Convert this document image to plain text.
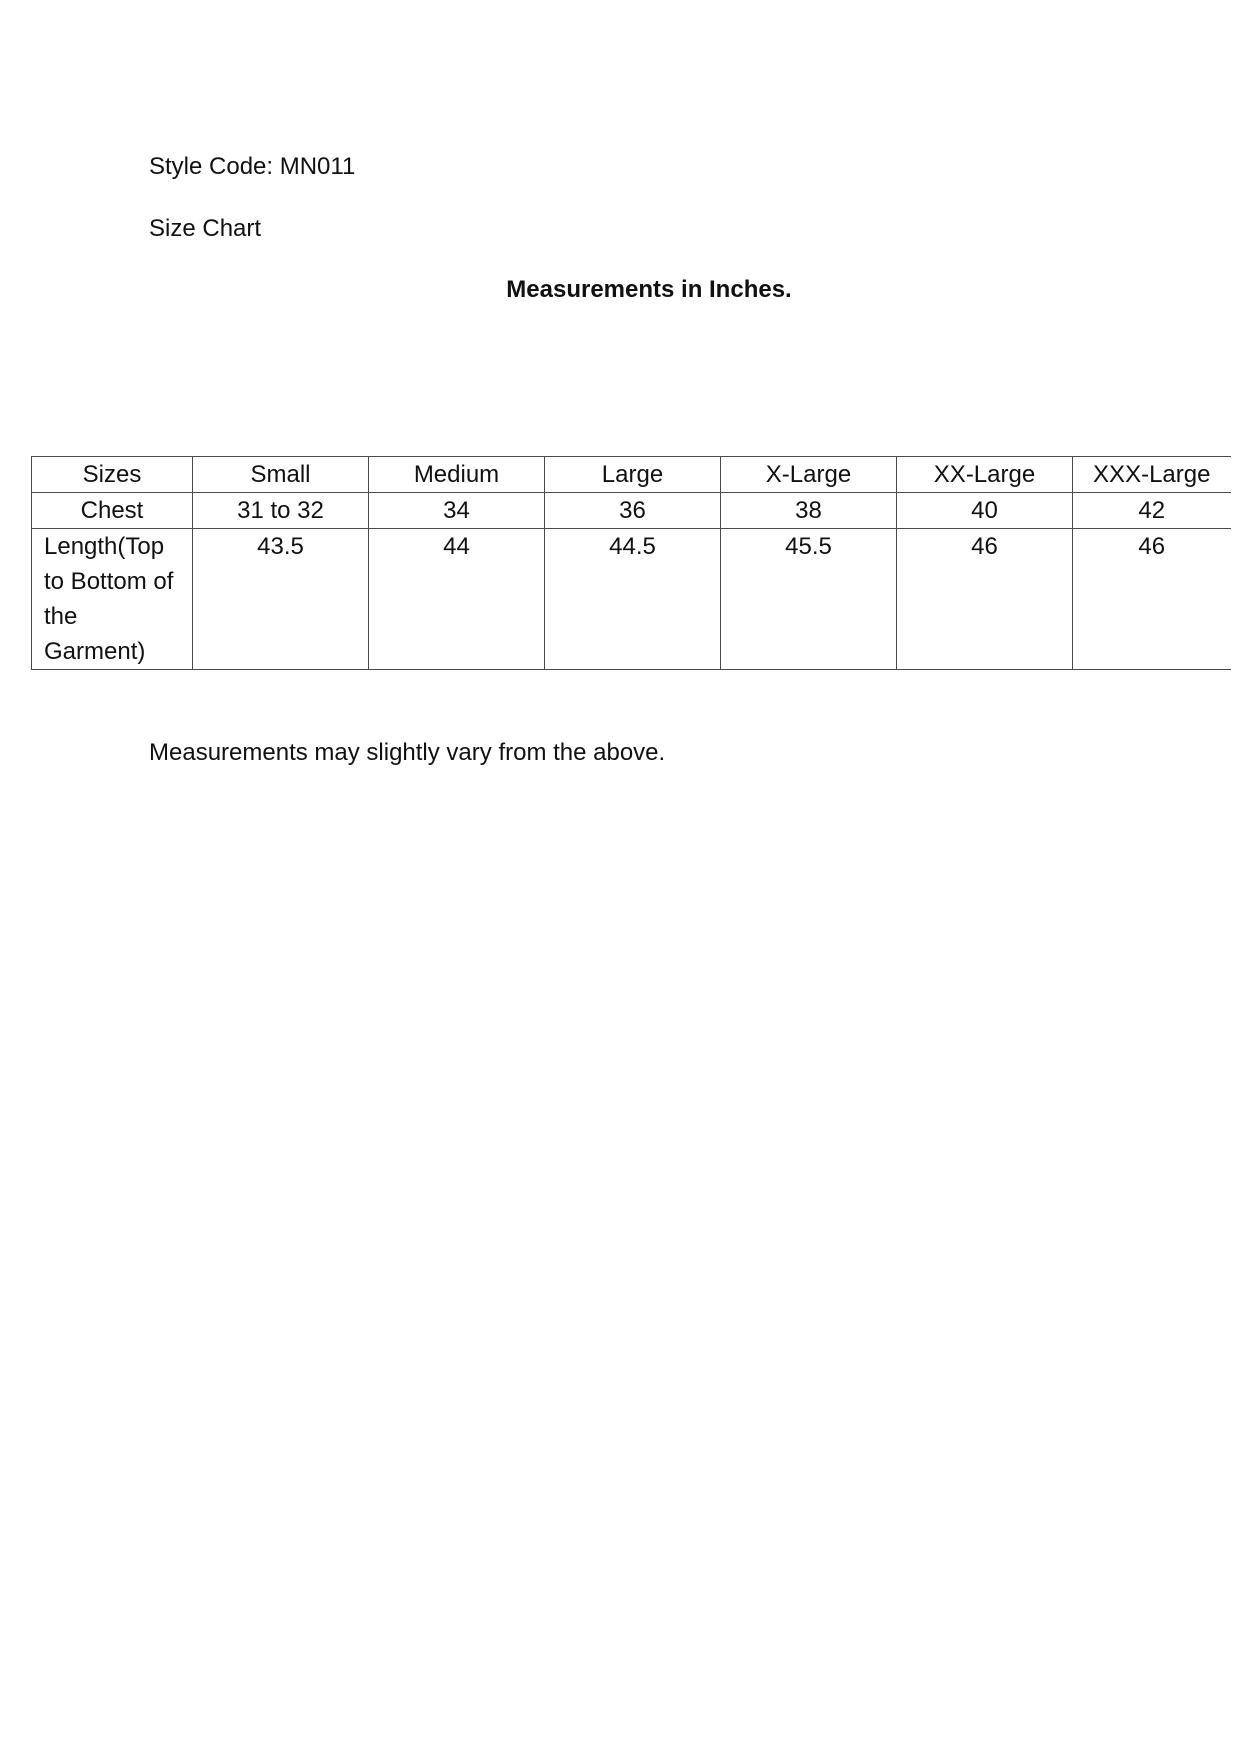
Style Code: MN011
Size Chart
Measurements in Inches.
Sizes	Small	Medium	Large	X-Large	XX-Large	XXX-Large
Chest	31 to 32	34	36	38	40	42
Length(Top to Bottom of the Garment)	43.5	44	44.5	45.5	46	46
Measurements may slightly vary from the above.
